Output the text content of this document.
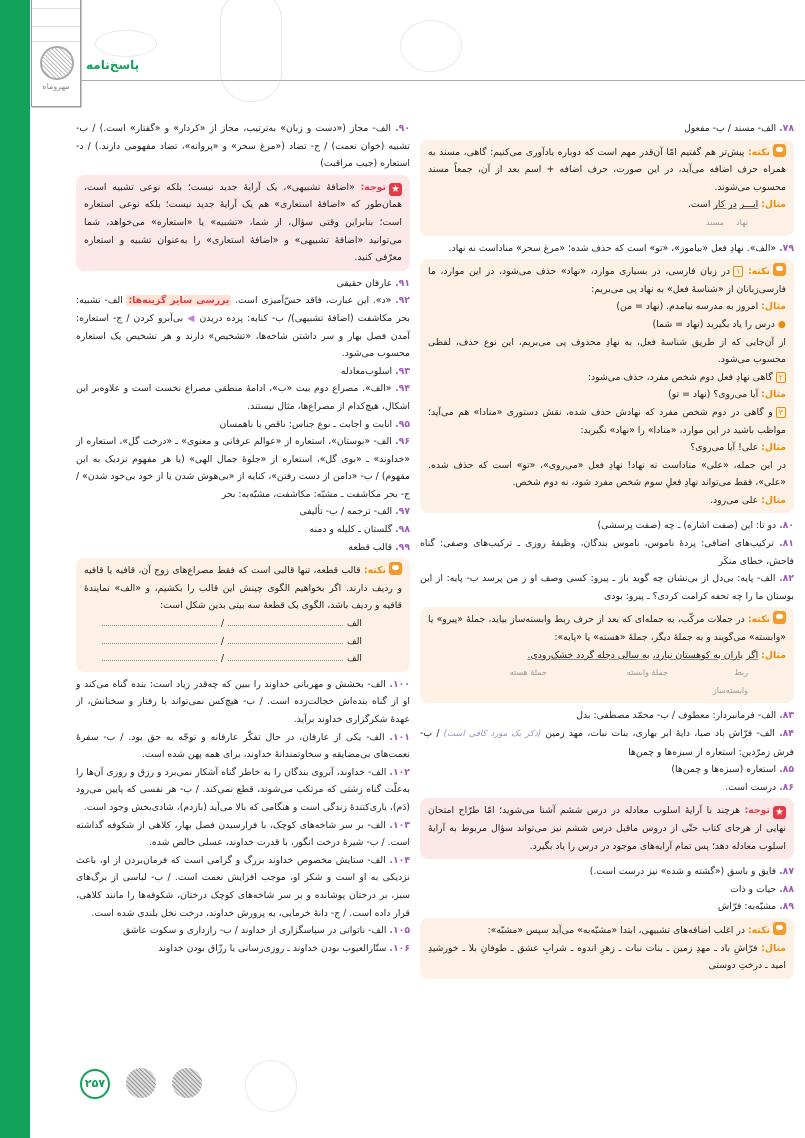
مهروماه
پاسخ‌نامه
۷۸. الف- مسند / ب- مفعول
نکته: پیش‌تر هم گفتیم امّا آن‌قدر مهم است که دوباره یادآوری می‌کنیم: گاهی، مسند به همراه حرف اضافه می‌آید، در این صورت، حرف اضافه + اسم بعد از آن، جمعاً مسند محسوب می‌شوند.
مثال: ابـــر در کار است.
نهاد
مسند
۷۹. «الف». نهادِ فعل «بیاموز»، «تو» است که حذف شده؛ «مرغ سحر» مناداست نه نهاد.
نکته: ۱در زبان فارسی، در بسیاری موارد، «نهاد» حذف می‌شود، در این موارد، ما فارسی‌زبانان از «شناسهٔ فعل» به نهاد پی می‌بریم:
مثال: امروز به مدرسه نیامدم. (نهاد = من)
● درس را یاد بگیرید (نهاد = شما)
از آن‌جایی که از طریق شناسهٔ فعل، به نهادِ محذوف پی می‌بریم، این نوع حذف، لفظی محسوب می‌شود.
۲گاهی نهادِ فعل دوم شخص مفرد، حذف می‌شود:
مثال: آیا می‌روی؟ (نهاد = تو)
۳و گاهی در دوم شخص مفرد که نهادش حذف شده، نقش دستوری «منادا» هم می‌آید؛ مواظب باشید در این موارد، «منادا» را «نهاد» نگیرید:
مثال: علی! آیا می‌روی؟
در این جمله، «علی» مناداست نه نهاد! نهادِ فعل «می‌روی»، «تو» است که حذف شده. «علی»، فقط می‌تواند نهادِ فعلِ سوم شخص مفرد شود، نه دوم شخص.
مثال: علی می‌رود.
۸۰. دو تا: این (صفت اشاره) ـ چه (صفت پرسشی)
۸۱. ترکیب‌های اضافی: پردهٔ ناموس، ناموس بندگان، وظیفهٔ روزی ـ ترکیب‌های وصفی: گناه فاحش، خطای منکَر
۸۲. الف- پایه: بی‌دل از بی‌نشان چه گوید باز ـ پیرو: کسی وصف او ز من پرسد ب- پایه: از این بوستان ما را چه تحفه کرامت کردی؟ ـ پیرو: بودی
نکته: در جملات مرکّب، به جمله‌ای که بعد از حرف ربط وابسته‌ساز بیاید، جملهٔ «پیرو» یا «وابسته» می‌گویند و به جملهٔ دیگر، جملهٔ «هسته» یا «پایه»:
مثال: اگر باران به کوهستان نبارد، به سالی دجله گردد خشک‌رودی.
ربط وابسته‌ساز
جملهٔ وابسته
جملهٔ هسته
۸۳. الف- فرمانبردار: معطوف / ب- محمّد مصطفی: بدل
۸۴. الف- فرّاش باد صبا، دایهٔ ابر بهاری، بنات نبات، مهد زمین (ذکر یک مورد کافی است) / ب- فرش زمرّدین: استعاره از سبزه‌ها و چمن‌ها
۸۵. استعاره (سبزه‌ها و چمن‌ها)
۸۶. درست است.
★توجه: هرچند با آرایهٔ اسلوب معادله در درس ششم آشنا می‌شوید؛ امّا طرّاح امتحان نهایی از هرجای کتاب حتّی از دروس ماقبل درس ششم نیز می‌تواند سؤال مربوط به آرایهٔ اسلوب معادله دهد؛ پس تمام آرایه‌های موجود در درس را یاد بگیرد.
۸۷. فایق و باسق («گشته و شده» نیز درست است.)
۸۸. حیات و ذات
۸۹. مشبّه‌به: فرّاش
نکته: در اغلب اضافه‌های تشبیهی، ابتدا «مشبّه‌به» می‌آید سپس «مشبّه»:
مثال: فرّاشِ باد ـ مهدِ زمین ـ بنات نبات ـ زهرِ اندوه ـ شرابِ عشق ـ طوفانِ بلا ـ خورشیدِ امید ـ درختِ دوستی
۹۰. الف- مجاز («دست و زبان» به‌ترتیب، مجاز از «کردار» و «گفتار» است.) / ب- تشبیه (خوان نعمت) / ج- تضاد («مرغ سحر» و «پروانه»، تضاد مفهومی دارند.) / د- استعاره (جیب مراقبت)
★توجه: «اضافهٔ تشبیهی»، یک آرایهٔ جدید نیست؛ بلکه نوعی تشبیه است، همان‌طور که «اضافهٔ استعاری» هم یک آرایهٔ جدید نیست؛ بلکه نوعی استعاره است؛ بنابراین وقتی سؤال، از شما، «تشبیه» یا «استعاره» می‌خواهد، شما می‌توانید «اضافهٔ تشبیهی» و «اضافهٔ استعاری» را به‌عنوان تشبیه و استعاره معرّفی کنید.
۹۱. عارفان حقیقی
۹۲. «د». این عبارت، فاقد حسّ‌آمیزی است. بررسی سایر گزینه‌ها: الف- تشبیه: بحر مکاشفت (اضافهٔ تشبیهی)/ ب- کنایه: پرده دریدن ◀ بی‌آبرو کردن / ج- استعاره: آمدن فصل بهار و سر داشتن شاخه‌ها، «تشخیص» دارند و هر تشخیص یک استعاره محسوب می‌شود.
۹۳. اسلوب‌معادله
۹۴. «الف». مصراع دوم بیت «ب»، ادامهٔ منطقی مصراع نخست است و علاوه‌بر این اشکال، هیچ‌کدام از مصراع‌ها، مثال نیستند.
۹۵. انابت و اجابت ـ نوع جناس: ناقص یا ناهمسان
۹۶. الف- «بوستان»، استعاره از «عوالم عرفانی و معنوی» ـ «درخت گل»، استعاره از «خداوند» ـ «بوی گل»، استعاره از «جلوهٔ جمال الهی» (یا هر مفهوم نزدیک به این مفهوم) / ب- «دامن از دست رفتن»، کنایه از «بی‌هوش شدن یا از خود بی‌خود شدن» / ج- بحر مکاشفت ـ مشبّه: مکاشفت، مشبّه‌به: بحر
۹۷. الف- ترجمه / ب- تألیفی
۹۸. گلستان ـ کلیله و دمنه
۹۹. قالب قطعه
نکته: قالب قطعه، تنها قالبی است که فقط مصراع‌های زوج آن، قافیه یا قافیه و ردیف دارند. اگر بخواهیم الگوی چینش این قالب را بکشیم، و «الف» نمایندهٔ قافیه و ردیف باشد، الگوی یک قطعهٔ سه بیتی بدین شکل است:
الف
/
الف
/
الف
/
۱۰۰. الف- بخشش و مهربانی خداوند را ببین که چه‌قدر زیاد است: بنده گناه می‌کند و او از گناه بنده‌اش خجالت‌زده است. / ب- هیچ‌کس نمی‌تواند با رفتار و سخنانش، از عهدهٔ شکرگزاری خداوند برآید.
۱۰۱. الف- یکی از عارفان، در حال تفکّر عارفانه و توجّه به حق بود. / ب- سفرهٔ نعمت‌های بی‌مضایقه و سخاوتمندانهٔ خداوند، برای همه پهن شده است.
۱۰۲. الف- خداوند، آبروی بندگان را به خاطر گناه آشکار نمی‌برد و رزق و روزی آن‌ها را به‌علّت گناه زشتی که مرتکب می‌شوند، قطع نمی‌کند. / ب- هر نفسی که پایین می‌رود (دَم)، یاری‌کنندهٔ زندگی است و هنگامی که بالا می‌آید (بازدم)، شادی‌بخش وجود است.
۱۰۳. الف- بر سر شاخه‌های کوچک، با فرارسیدن فصل بهار، کلاهی از شکوفه گذاشته است. / ب- شیرهٔ درخت انگور، با قدرت خداوند، عسلی خالص شده.
۱۰۴. الف- ستایش مخصوص خداوند بزرگ و گرامی است که فرمان‌بردن از او، باعث نزدیکی به او است و شکر او، موجب افزایش نعمت است. / ب- لباسی از برگ‌های سبز، بر درختان پوشانده و بر سر شاخه‌های کوچک درختان، شکوفه‌ها را مانند کلاهی، قرار داده است. / ج- دانهٔ خرمایی، به پرورش خداوند، درخت نخل بلندی شده است.
۱۰۵. الف- ناتوانی در سپاسگزاری از خداوند / ب- رازداری و سکوت عاشق
۱۰۶. ستّارالعیوب بودن خداوند ـ روزی‌رسانی یا رزّاق بودن خداوند
۲۵۷
